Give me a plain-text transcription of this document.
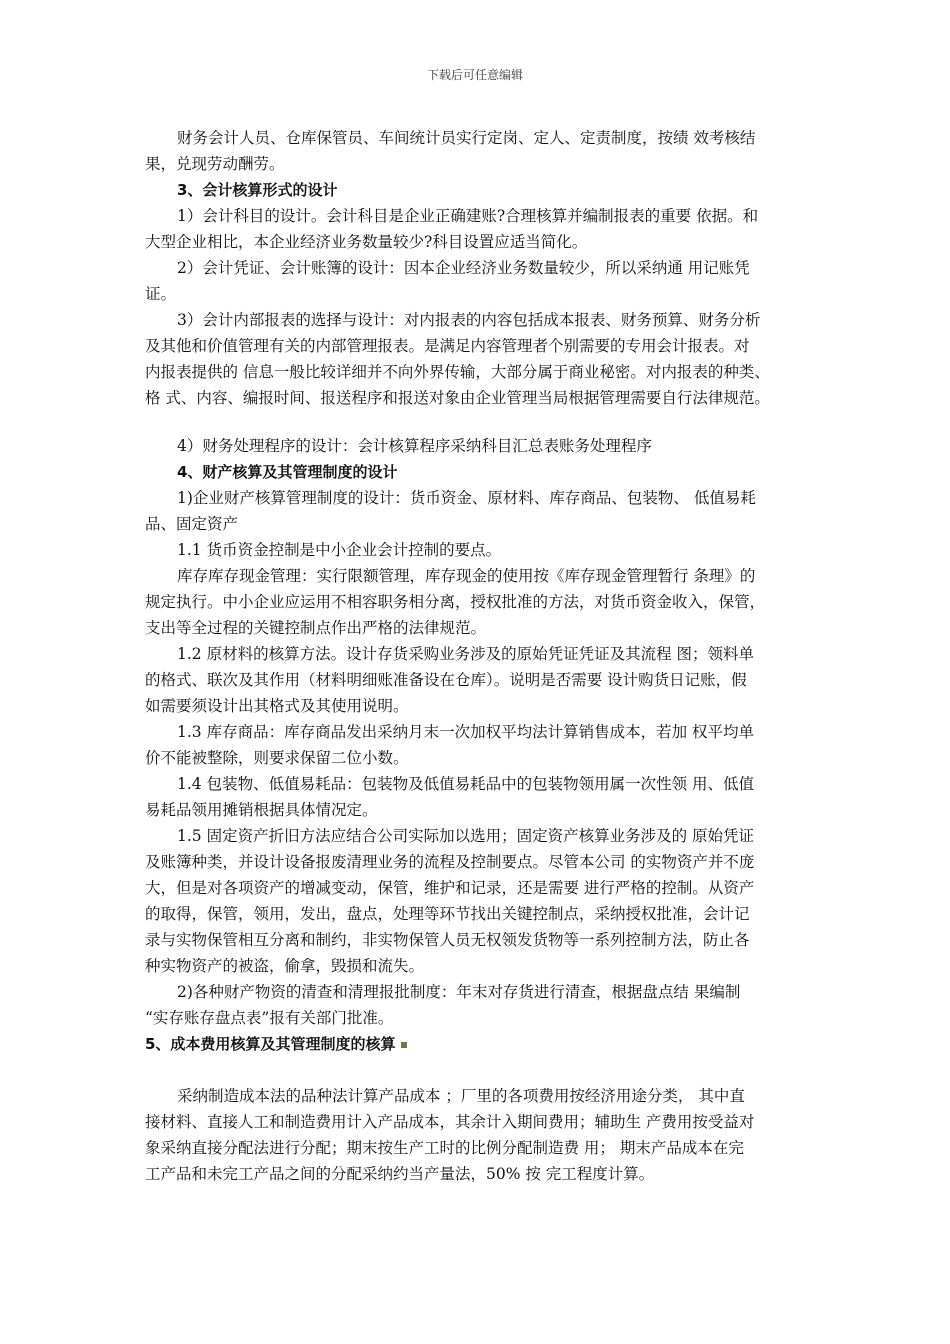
下载后可任意编辑
财务会计人员、仓库保管员、车间统计员实行定岗、定人、定责制度，按绩 效考核结
果，兑现劳动酬劳。
3、会计核算形式的设计
1）会计科目的设计。会计科目是企业正确建账?合理核算并编制报表的重要 依据。和
大型企业相比，本企业经济业务数量较少?科目设置应适当简化。
2）会计凭证、会计账簿的设计：因本企业经济业务数量较少，所以采纳通 用记账凭
证。
3）会计内部报表的选择与设计：对内报表的内容包括成本报表、财务预算、财务分析
及其他和价值管理有关的内部管理报表。是满足内容管理者个别需要的专用会计报表。对
内报表提供的 信息一般比较详细并不向外界传输，大部分属于商业秘密。对内报表的种类、
格 式、内容、编报时间、报送程序和报送对象由企业管理当局根据管理需要自行法律规范。
4）财务处理程序的设计：会计核算程序采纳科目汇总表账务处理程序
4、财产核算及其管理制度的设计
1)企业财产核算管理制度的设计：货币资金、原材料、库存商品、包装物、 低值易耗
品、固定资产
1.1 货币资金控制是中小企业会计控制的要点。
库存库存现金管理：实行限额管理，库存现金的使用按《库存现金管理暂行 条理》的
规定执行。中小企业应运用不相容职务相分离，授权批准的方法，对货币资金收入，保管，
支出等全过程的关键控制点作出严格的法律规范。
1.2 原材料的核算方法。设计存货采购业务涉及的原始凭证凭证及其流程 图；领料单
的格式、联次及其作用（材料明细账准备设在仓库）。说明是否需要 设计购货日记账，假
如需要须设计出其格式及其使用说明。
1.3 库存商品：库存商品发出采纳月末一次加权平均法计算销售成本，若加 权平均单
价不能被整除，则要求保留二位小数。
1.4 包装物、低值易耗品：包装物及低值易耗品中的包装物领用属一次性领 用、低值
易耗品领用摊销根据具体情况定。
1.5 固定资产折旧方法应结合公司实际加以选用；固定资产核算业务涉及的 原始凭证
及账簿种类，并设计设备报废清理业务的流程及控制要点。尽管本公司 的实物资产并不庞
大，但是对各项资产的增减变动，保管，维护和记录，还是需要 进行严格的控制。从资产
的取得，保管，领用，发出，盘点，处理等环节找出关键控制点，采纳授权批准，会计记
录与实物保管相互分离和制约，非实物保管人员无权领发货物等一系列控制方法，防止各
种实物资产的被盗，偷拿，毁损和流失。
2)各种财产物资的清查和清理报批制度：年末对存货进行清查，根据盘点结 果编制
“实存账存盘点表”报有关部门批准。
5、成本费用核算及其管理制度的核算
采纳制造成本法的品种法计算产品成本 ；厂里的各项费用按经济用途分类， 其中直
接材料、直接人工和制造费用计入产品成本，其余计入期间费用；辅助生 产费用按受益对
象采纳直接分配法进行分配；期末按生产工时的比例分配制造费 用； 期末产品成本在完
工产品和未完工产品之间的分配采纳约当产量法，50% 按 完工程度计算。
